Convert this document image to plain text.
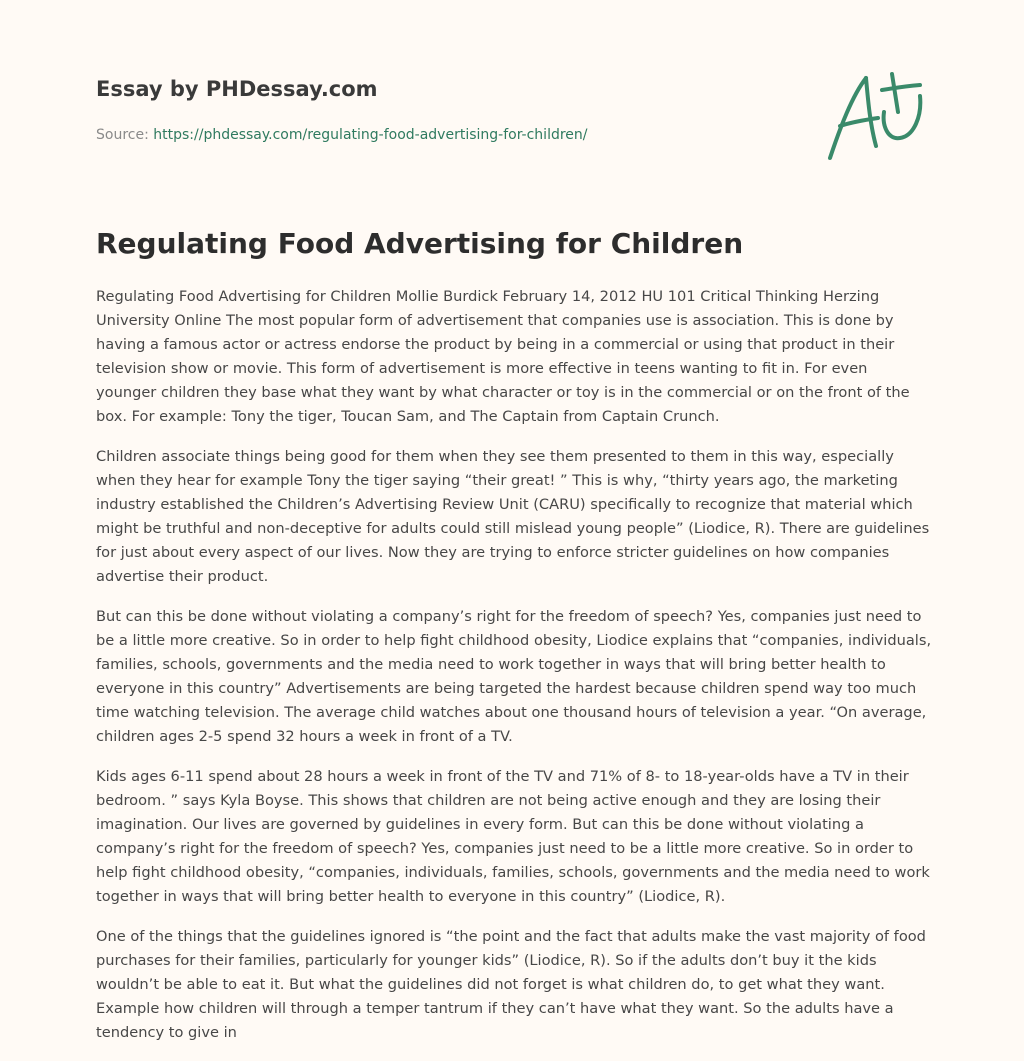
Essay by PHDessay.com
Source: https://phdessay.com/regulating-food-advertising-for-children/
Regulating Food Advertising for Children

Regulating Food Advertising for Children Mollie Burdick February 14, 2012 HU 101 Critical Thinking Herzing University Online The most popular form of advertisement that companies use is association. This is done by having a famous actor or actress endorse the product by being in a commercial or using that product in their television show or movie. This form of advertisement is more effective in teens wanting to fit in. For even younger children they base what they want by what character or toy is in the commercial or on the front of the box. For example: Tony the tiger, Toucan Sam, and The Captain from Captain Crunch.

Children associate things being good for them when they see them presented to them in this way, especially when they hear for example Tony the tiger saying “their great! ” This is why, “thirty years ago, the marketing industry established the Children’s Advertising Review Unit (CARU) specifically to recognize that material which might be truthful and non-deceptive for adults could still mislead young people” (Liodice, R). There are guidelines for just about every aspect of our lives. Now they are trying to enforce stricter guidelines on how companies advertise their product.

But can this be done without violating a company’s right for the freedom of speech? Yes, companies just need to be a little more creative. So in order to help fight childhood obesity, Liodice explains that “companies, individuals, families, schools, governments and the media need to work together in ways that will bring better health to everyone in this country” Advertisements are being targeted the hardest because children spend way too much time watching television. The average child watches about one thousand hours of television a year. “On average, children ages 2-5 spend 32 hours a week in front of a TV.

Kids ages 6-11 spend about 28 hours a week in front of the TV and 71% of 8- to 18-year-olds have a TV in their bedroom. ” says Kyla Boyse. This shows that children are not being active enough and they are losing their imagination. Our lives are governed by guidelines in every form. But can this be done without violating a company’s right for the freedom of speech? Yes, companies just need to be a little more creative. So in order to help fight childhood obesity, “companies, individuals, families, schools, governments and the media need to work together in ways that will bring better health to everyone in this country” (Liodice, R).

One of the things that the guidelines ignored is “the point and the fact that adults make the vast majority of food purchases for their families, particularly for younger kids” (Liodice, R). So if the adults don’t buy it the kids wouldn’t be able to eat it. But what the guidelines did not forget is what children do, to get what they want. Example how children will through a temper tantrum if they can’t have what they want. So the adults have a tendency to give in
